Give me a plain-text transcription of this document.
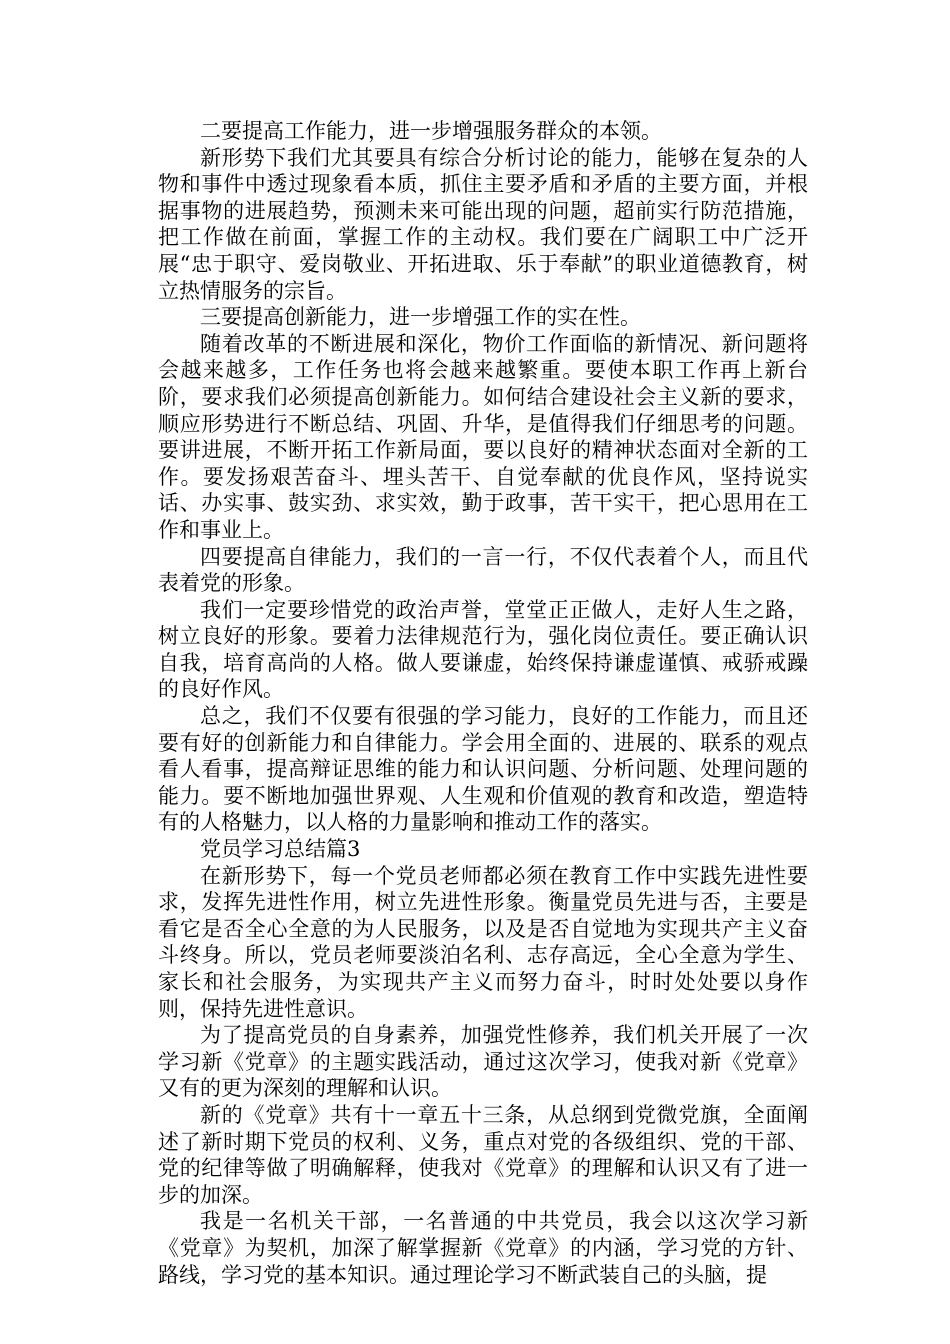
二要提高工作能力，进一步增强服务群众的本领。

新形势下我们尤其要具有综合分析讨论的能力，能够在复杂的人物和事件中透过现象看本质，抓住主要矛盾和矛盾的主要方面，并根据事物的进展趋势，预测未来可能出现的问题，超前实行防范措施，把工作做在前面，掌握工作的主动权。我们要在广阔职工中广泛开展“忠于职守、爱岗敬业、开拓进取、乐于奉献”的职业道德教育，树立热情服务的宗旨。

三要提高创新能力，进一步增强工作的实在性。

随着改革的不断进展和深化，物价工作面临的新情况、新问题将会越来越多，工作任务也将会越来越繁重。要使本职工作再上新台阶，要求我们必须提高创新能力。如何结合建设社会主义新的要求，顺应形势进行不断总结、巩固、升华，是值得我们仔细思考的问题。要讲进展，不断开拓工作新局面，要以良好的精神状态面对全新的工作。要发扬艰苦奋斗、埋头苦干、自觉奉献的优良作风，坚持说实话、办实事、鼓实劲、求实效，勤于政事，苦干实干，把心思用在工作和事业上。

四要提高自律能力，我们的一言一行，不仅代表着个人，而且代表着党的形象。

我们一定要珍惜党的政治声誉，堂堂正正做人，走好人生之路，树立良好的形象。要着力法律规范行为，强化岗位责任。要正确认识自我，培育高尚的人格。做人要谦虚，始终保持谦虚谨慎、戒骄戒躁的良好作风。

总之，我们不仅要有很强的学习能力，良好的工作能力，而且还要有好的创新能力和自律能力。学会用全面的、进展的、联系的观点看人看事，提高辩证思维的能力和认识问题、分析问题、处理问题的能力。要不断地加强世界观、人生观和价值观的教育和改造，塑造特有的人格魅力，以人格的力量影响和推动工作的落实。

党员学习总结篇3

在新形势下，每一个党员老师都必须在教育工作中实践先进性要求，发挥先进性作用，树立先进性形象。衡量党员先进与否，主要是看它是否全心全意的为人民服务，以及是否自觉地为实现共产主义奋斗终身。所以，党员老师要淡泊名利、志存高远，全心全意为学生、家长和社会服务，为实现共产主义而努力奋斗，时时处处要以身作则，保持先进性意识。

为了提高党员的自身素养，加强党性修养，我们机关开展了一次学习新《党章》的主题实践活动，通过这次学习，使我对新《党章》又有的更为深刻的理解和认识。

新的《党章》共有十一章五十三条，从总纲到党微党旗，全面阐述了新时期下党员的权利、义务，重点对党的各级组织、党的干部、党的纪律等做了明确解释，使我对《党章》的理解和认识又有了进一步的加深。

我是一名机关干部，一名普通的中共党员，我会以这次学习新《党章》为契机，加深了解掌握新《党章》的内涵，学习党的方针、路线，学习党的基本知识。通过理论学习不断武装自己的头脑，提
